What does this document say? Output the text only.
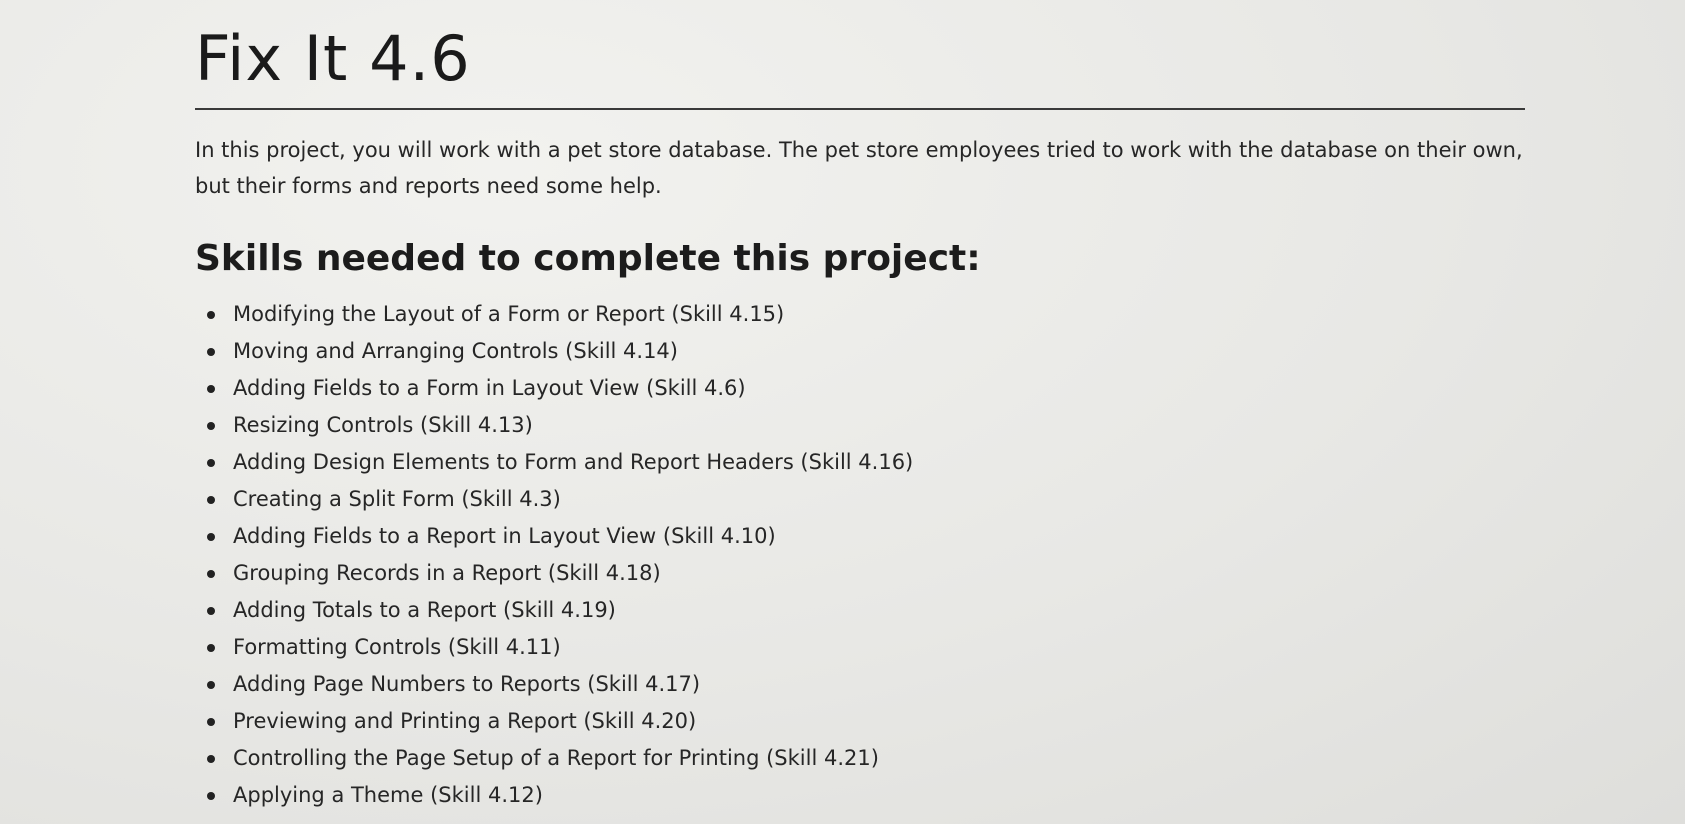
Fix It 4.6

In this project, you will work with a pet store database. The pet store employees tried to work with the database on their own, but their forms and reports need some help.

Skills needed to complete this project:
Modifying the Layout of a Form or Report (Skill 4.15)
Moving and Arranging Controls (Skill 4.14)
Adding Fields to a Form in Layout View (Skill 4.6)
Resizing Controls (Skill 4.13)
Adding Design Elements to Form and Report Headers (Skill 4.16)
Creating a Split Form (Skill 4.3)
Adding Fields to a Report in Layout View (Skill 4.10)
Grouping Records in a Report (Skill 4.18)
Adding Totals to a Report (Skill 4.19)
Formatting Controls (Skill 4.11)
Adding Page Numbers to Reports (Skill 4.17)
Previewing and Printing a Report (Skill 4.20)
Controlling the Page Setup of a Report for Printing (Skill 4.21)
Applying a Theme (Skill 4.12)
